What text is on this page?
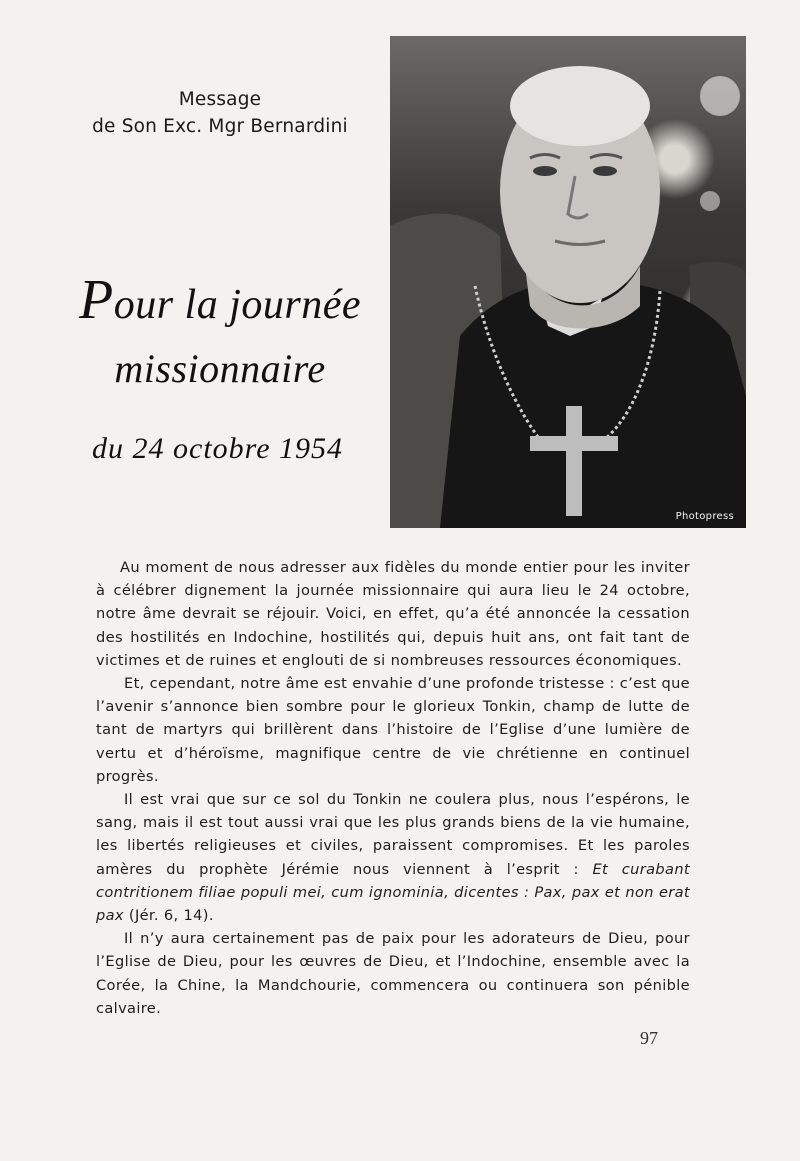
Message
de Son Exc. Mgr Bernardini
Pour la journée
missionnaire
du 24 octobre 1954
Photopress

Au moment de nous adresser aux fidèles du monde entier pour les inviter à célébrer dignement la journée missionnaire qui aura lieu le 24 octobre, notre âme devrait se réjouir. Voici, en effet, qu’a été annoncée la cessation des hostilités en Indochine, hostilités qui, depuis huit ans, ont fait tant de victimes et de ruines et englouti de si nombreuses ressources économiques.

Et, cependant, notre âme est envahie d’une profonde tristesse : c’est que l’avenir s’annonce bien sombre pour le glorieux Tonkin, champ de lutte de tant de martyrs qui brillèrent dans l’histoire de l’Eglise d’une lumière de vertu et d’héroïsme, magnifique centre de vie chrétienne en continuel progrès.

Il est vrai que sur ce sol du Tonkin ne coulera plus, nous l’espérons, le sang, mais il est tout aussi vrai que les plus grands biens de la vie humaine, les libertés religieuses et civiles, paraissent compromises. Et les paroles amères du prophète Jérémie nous viennent à l’esprit : Et curabant contritionem filiae populi mei, cum ignominia, dicentes : Pax, pax et non erat pax (Jér. 6, 14).

Il n’y aura certainement pas de paix pour les adorateurs de Dieu, pour l’Eglise de Dieu, pour les œuvres de Dieu, et l’Indochine, ensemble avec la Corée, la Chine, la Mandchourie, commencera ou continuera son pénible calvaire.

97
